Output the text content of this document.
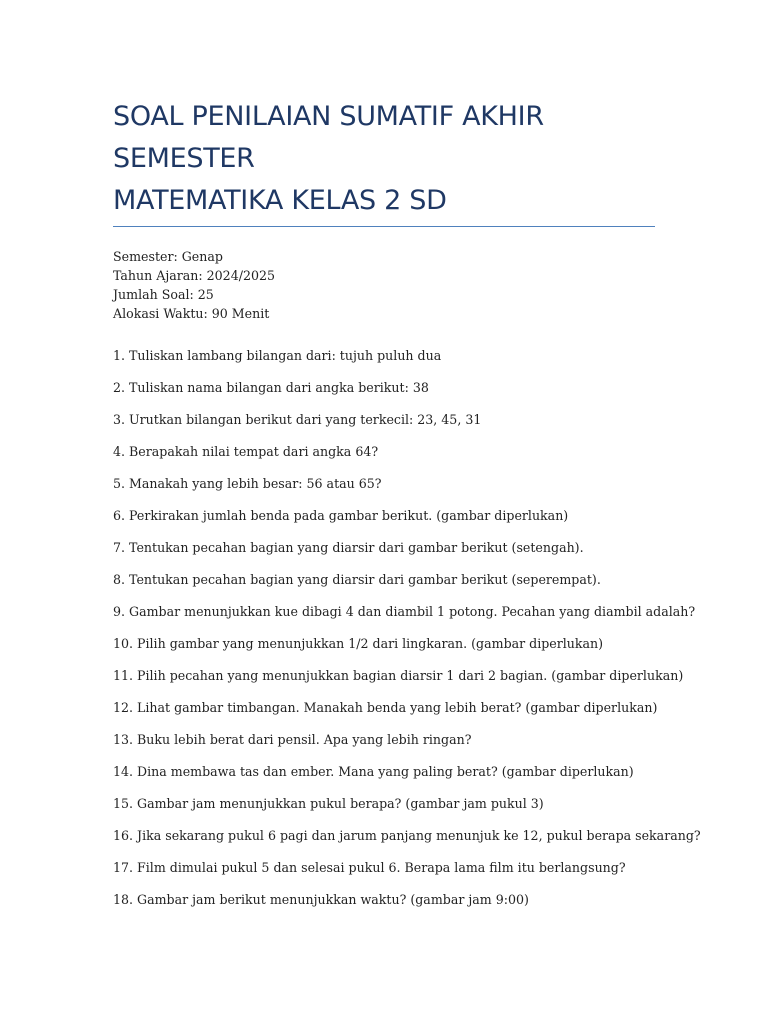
SOAL PENILAIAN SUMATIF AKHIR
SEMESTER
MATEMATIKA KELAS 2 SD
Semester: Genap
Tahun Ajaran: 2024/2025
Jumlah Soal: 25
Alokasi Waktu: 90 Menit
1. Tuliskan lambang bilangan dari: tujuh puluh dua
2. Tuliskan nama bilangan dari angka berikut: 38
3. Urutkan bilangan berikut dari yang terkecil: 23, 45, 31
4. Berapakah nilai tempat dari angka 64?
5. Manakah yang lebih besar: 56 atau 65?
6. Perkirakan jumlah benda pada gambar berikut. (gambar diperlukan)
7. Tentukan pecahan bagian yang diarsir dari gambar berikut (setengah).
8. Tentukan pecahan bagian yang diarsir dari gambar berikut (seperempat).
9. Gambar menunjukkan kue dibagi 4 dan diambil 1 potong. Pecahan yang diambil adalah?
10. Pilih gambar yang menunjukkan 1/2 dari lingkaran. (gambar diperlukan)
11. Pilih pecahan yang menunjukkan bagian diarsir 1 dari 2 bagian. (gambar diperlukan)
12. Lihat gambar timbangan. Manakah benda yang lebih berat? (gambar diperlukan)
13. Buku lebih berat dari pensil. Apa yang lebih ringan?
14. Dina membawa tas dan ember. Mana yang paling berat? (gambar diperlukan)
15. Gambar jam menunjukkan pukul berapa? (gambar jam pukul 3)
16. Jika sekarang pukul 6 pagi dan jarum panjang menunjuk ke 12, pukul berapa sekarang?
17. Film dimulai pukul 5 dan selesai pukul 6. Berapa lama film itu berlangsung?
18. Gambar jam berikut menunjukkan waktu? (gambar jam 9:00)
